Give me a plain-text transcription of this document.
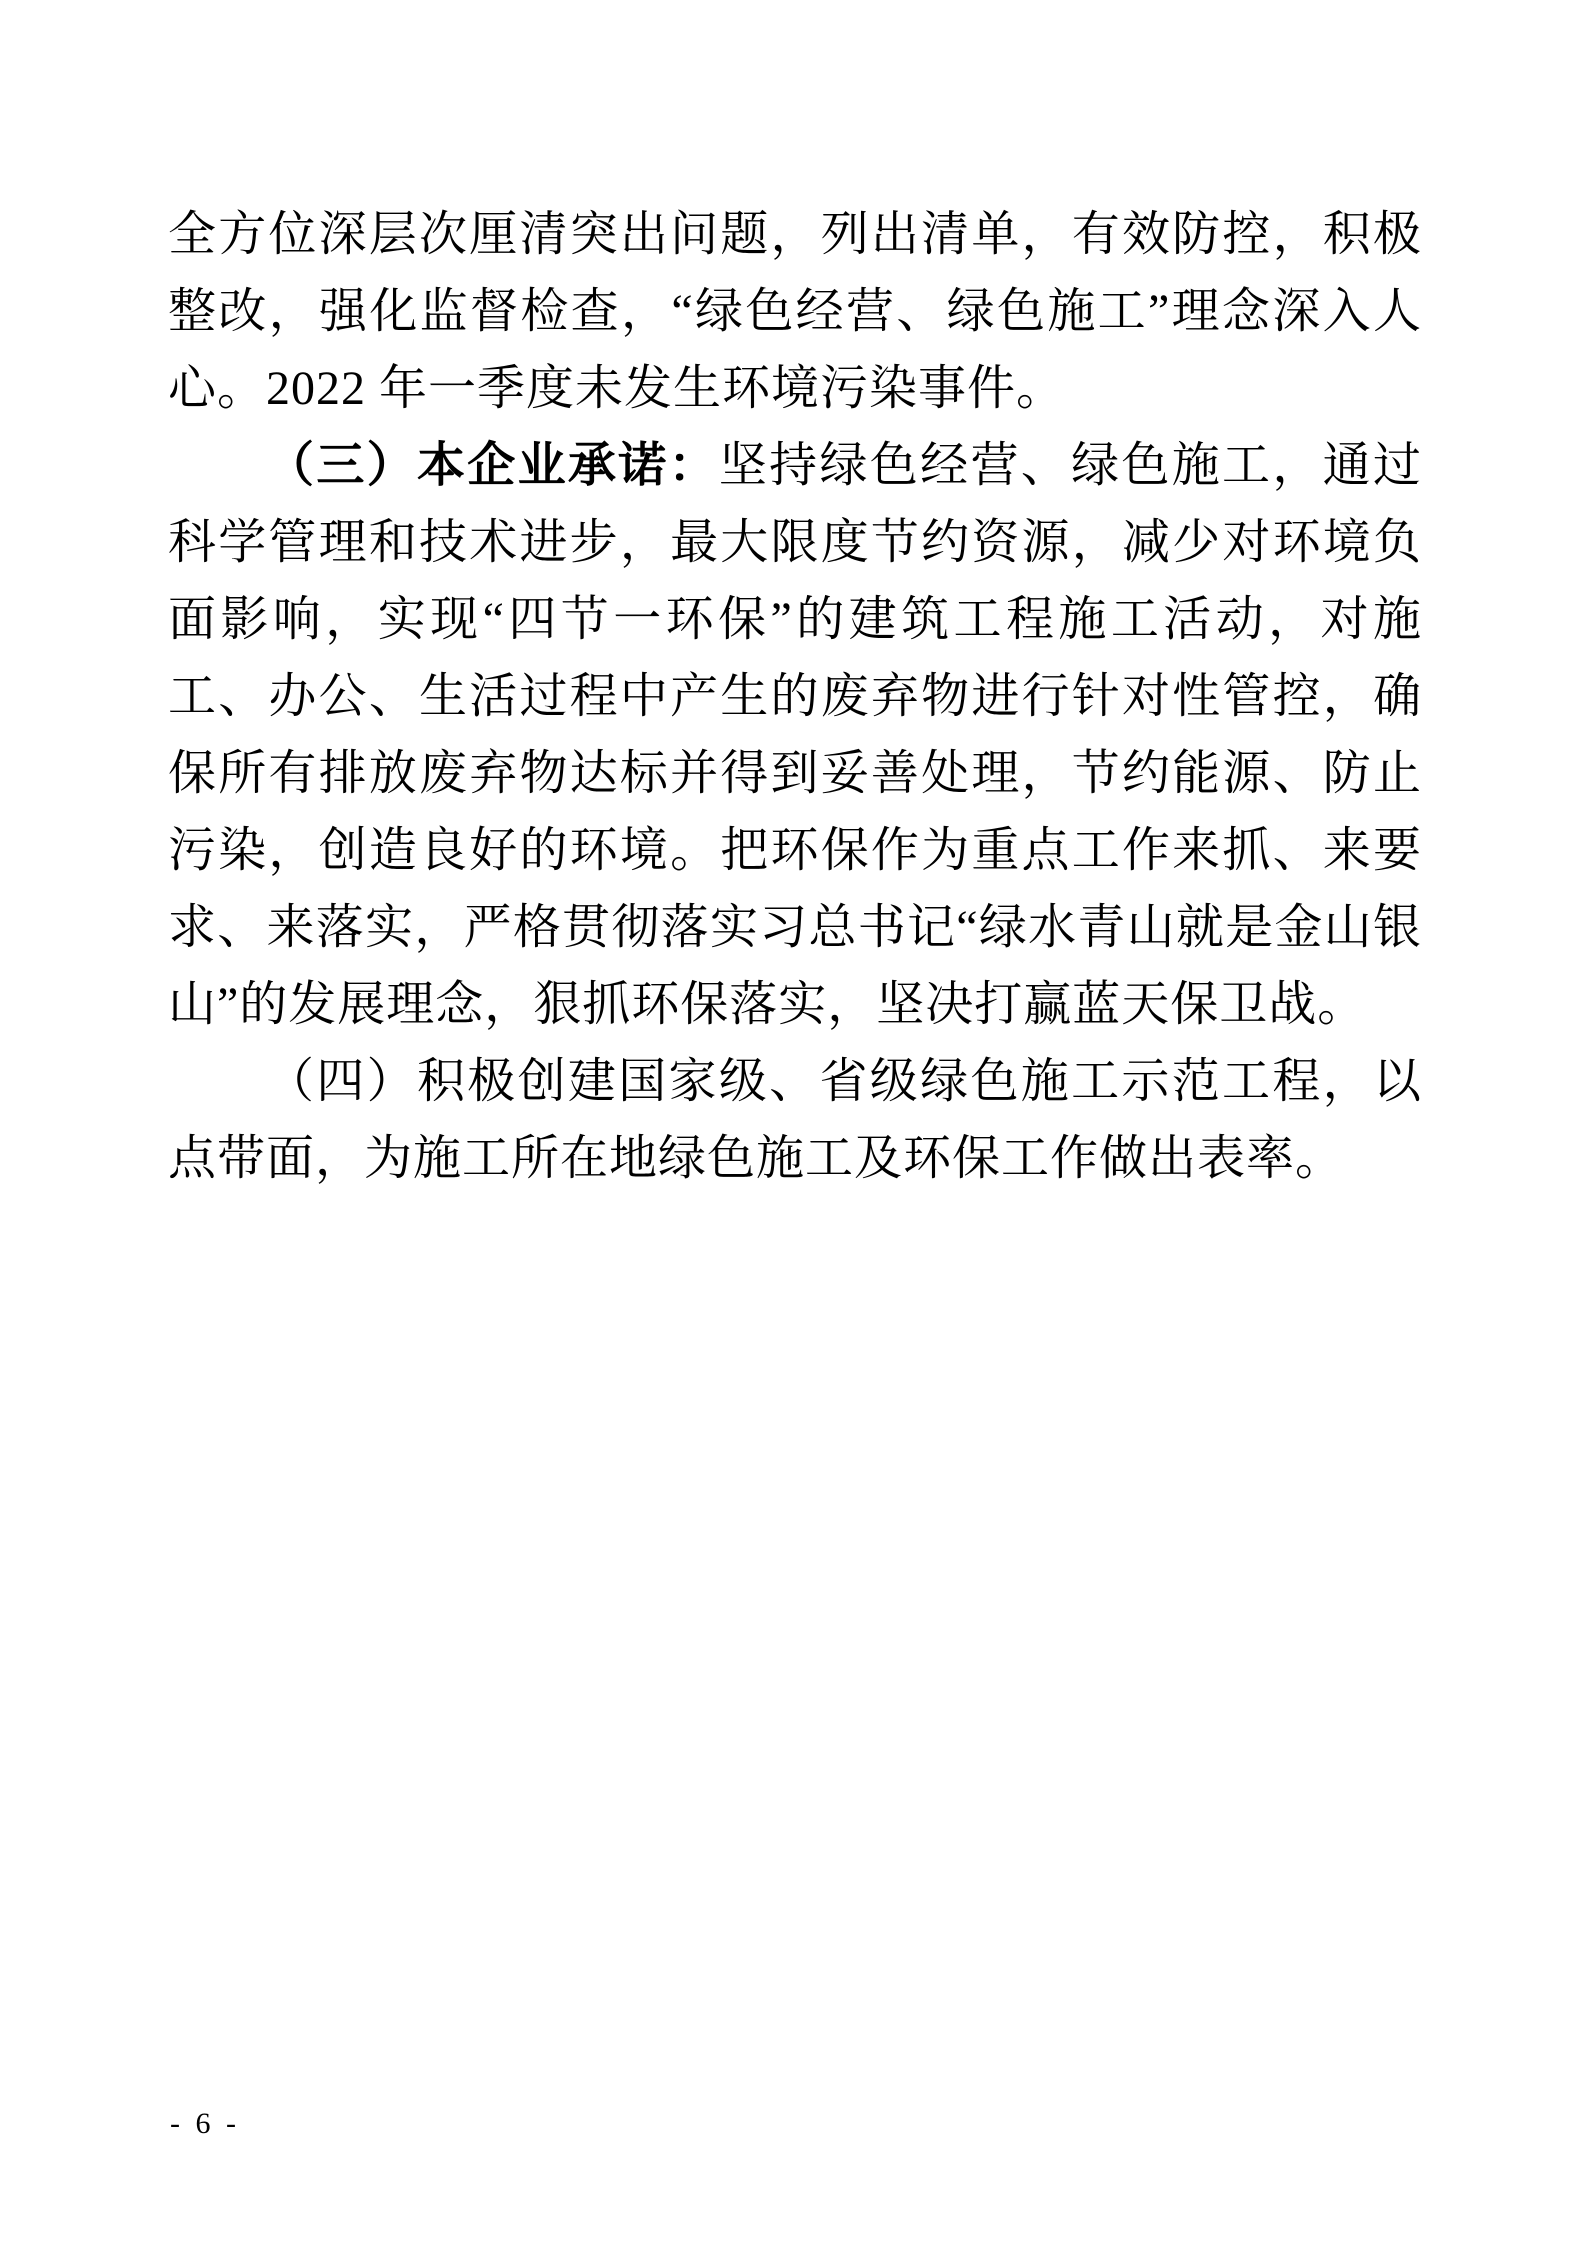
全方位深层次厘清突出问题，列出清单，有效防控，积极整改，强化监督检查，“绿色经营、绿色施工”理念深入人心。2022 年一季度未发生环境污染事件。

（三）本企业承诺：坚持绿色经营、绿色施工，通过科学管理和技术进步，最大限度节约资源，减少对环境负面影响，实现“四节一环保”的建筑工程施工活动，对施工、办公、生活过程中产生的废弃物进行针对性管控，确保所有排放废弃物达标并得到妥善处理，节约能源、防止污染，创造良好的环境。把环保作为重点工作来抓、来要求、来落实，严格贯彻落实习总书记“绿水青山就是金山银山”的发展理念，狠抓环保落实，坚决打赢蓝天保卫战。

（四）积极创建国家级、省级绿色施工示范工程，以点带面，为施工所在地绿色施工及环保工作做出表率。

- 6 -
